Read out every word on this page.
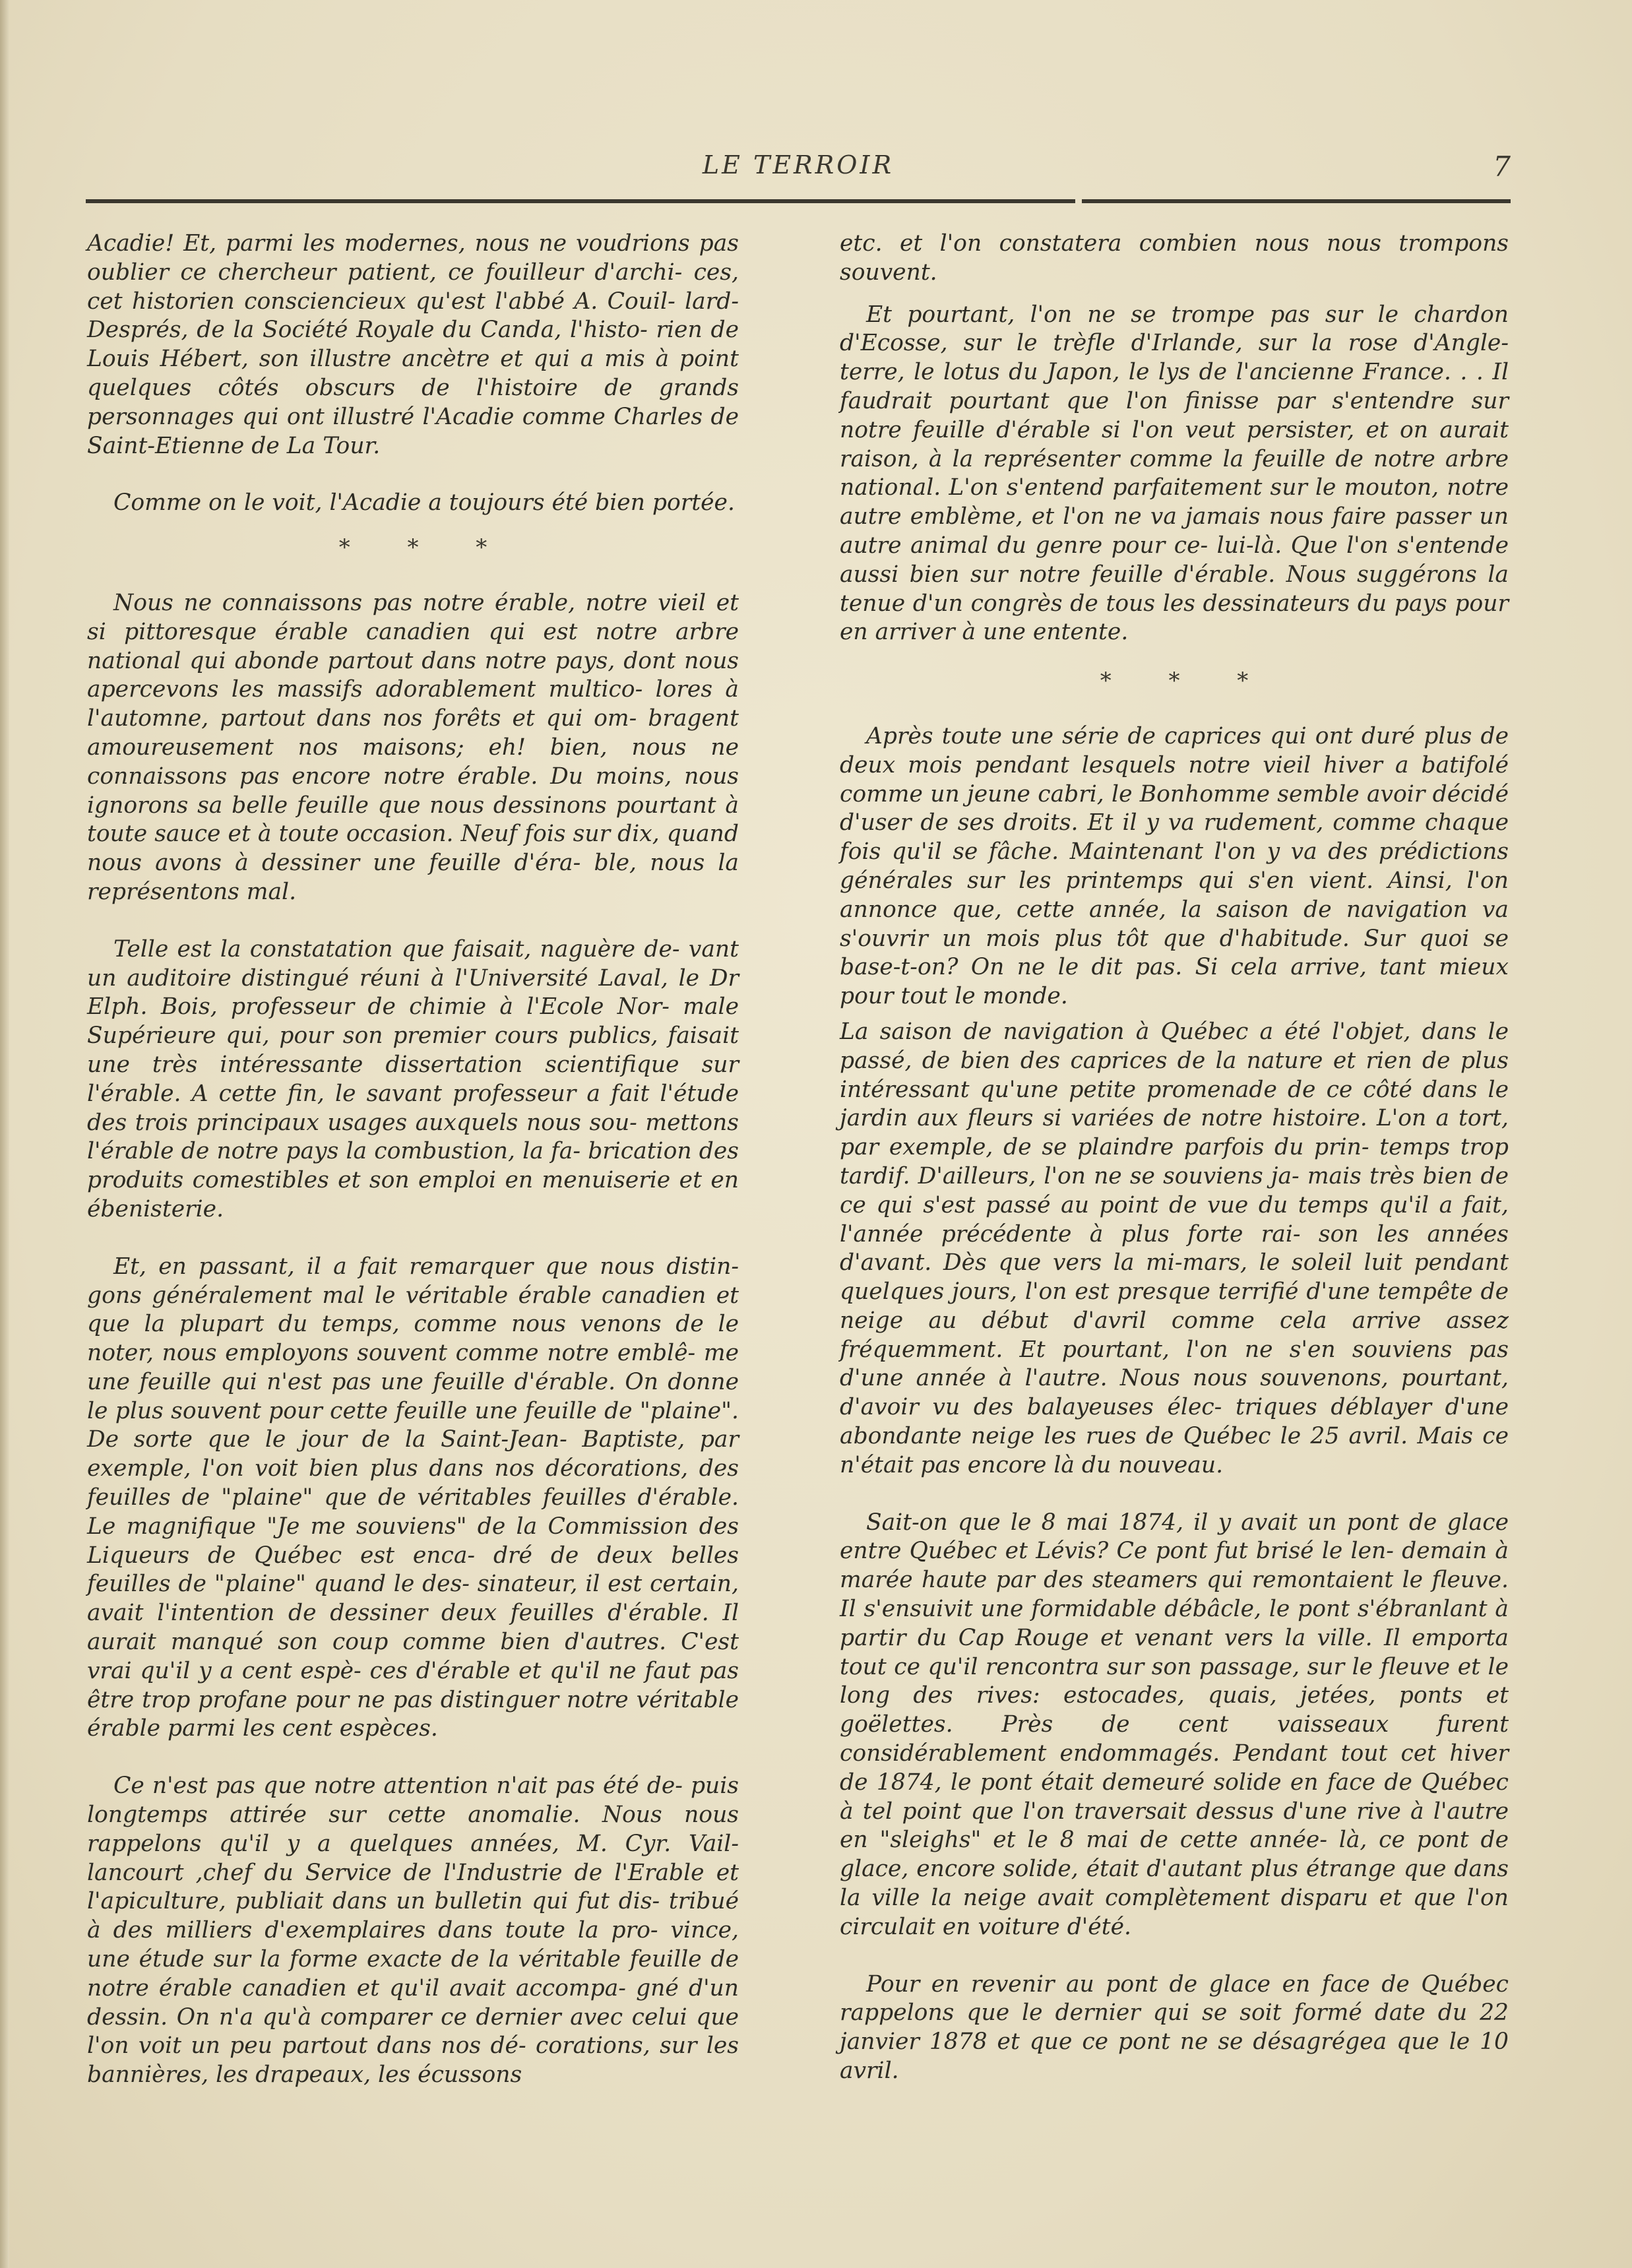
LE TERROIR	7

Acadie! Et, parmi les modernes, nous ne voudrions pas oublier ce chercheur patient, ce fouilleur d'archi- ces, cet historien consciencieux qu'est l'abbé A. Couil- lard-Després, de la Société Royale du Canda, l'histo- rien de Louis Hébert, son illustre ancètre et qui a mis à point quelques côtés obscurs de l'histoire de grands personnages qui ont illustré l'Acadie comme Charles de Saint-Etienne de La Tour.

Comme on le voit, l'Acadie a toujours été bien portée.

* * *

Nous ne connaissons pas notre érable, notre vieil et si pittoresque érable canadien qui est notre arbre national qui abonde partout dans notre pays, dont nous apercevons les massifs adorablement multico- lores à l'automne, partout dans nos forêts et qui om- bragent amoureusement nos maisons; eh! bien, nous ne connaissons pas encore notre érable. Du moins, nous ignorons sa belle feuille que nous dessinons pourtant à toute sauce et à toute occasion. Neuf fois sur dix, quand nous avons à dessiner une feuille d'éra- ble, nous la représentons mal.

Telle est la constatation que faisait, naguère de- vant un auditoire distingué réuni à l'Université Laval, le Dr Elph. Bois, professeur de chimie à l'Ecole Nor- male Supérieure qui, pour son premier cours publics, faisait une très intéressante dissertation scientifique sur l'érable. A cette fin, le savant professeur a fait l'étude des trois principaux usages auxquels nous sou- mettons l'érable de notre pays la combustion, la fa- brication des produits comestibles et son emploi en menuiserie et en ébenisterie.

Et, en passant, il a fait remarquer que nous distin- gons généralement mal le véritable érable canadien et que la plupart du temps, comme nous venons de le noter, nous employons souvent comme notre emblê- me une feuille qui n'est pas une feuille d'érable. On donne le plus souvent pour cette feuille une feuille de "plaine". De sorte que le jour de la Saint-Jean- Baptiste, par exemple, l'on voit bien plus dans nos décorations, des feuilles de "plaine" que de véritables feuilles d'érable. Le magnifique "Je me souviens" de la Commission des Liqueurs de Québec est enca- dré de deux belles feuilles de "plaine" quand le des- sinateur, il est certain, avait l'intention de dessiner deux feuilles d'érable. Il aurait manqué son coup comme bien d'autres. C'est vrai qu'il y a cent espè- ces d'érable et qu'il ne faut pas être trop profane pour ne pas distinguer notre véritable érable parmi les cent espèces.

Ce n'est pas que notre attention n'ait pas été de- puis longtemps attirée sur cette anomalie. Nous nous rappelons qu'il y a quelques années, M. Cyr. Vail- lancourt ,chef du Service de l'Industrie de l'Erable et l'apiculture, publiait dans un bulletin qui fut dis- tribué à des milliers d'exemplaires dans toute la pro- vince, une étude sur la forme exacte de la véritable feuille de notre érable canadien et qu'il avait accompa- gné d'un dessin. On n'a qu'à comparer ce dernier avec celui que l'on voit un peu partout dans nos dé- corations, sur les bannières, les drapeaux, les écussons

etc. et l'on constatera combien nous nous trompons souvent.

Et pourtant, l'on ne se trompe pas sur le chardon d'Ecosse, sur le trèfle d'Irlande, sur la rose d'Angle- terre, le lotus du Japon, le lys de l'ancienne France. . . Il faudrait pourtant que l'on finisse par s'entendre sur notre feuille d'érable si l'on veut persister, et on aurait raison, à la représenter comme la feuille de notre arbre national. L'on s'entend parfaitement sur le mouton, notre autre emblème, et l'on ne va jamais nous faire passer un autre animal du genre pour ce- lui-là. Que l'on s'entende aussi bien sur notre feuille d'érable. Nous suggérons la tenue d'un congrès de tous les dessinateurs du pays pour en arriver à une entente.

* * *

Après toute une série de caprices qui ont duré plus de deux mois pendant lesquels notre vieil hiver a batifolé comme un jeune cabri, le Bonhomme semble avoir décidé d'user de ses droits. Et il y va rudement, comme chaque fois qu'il se fâche. Maintenant l'on y va des prédictions générales sur les printemps qui s'en vient. Ainsi, l'on annonce que, cette année, la saison de navigation va s'ouvrir un mois plus tôt que d'habitude. Sur quoi se base-t-on? On ne le dit pas. Si cela arrive, tant mieux pour tout le monde.

La saison de navigation à Québec a été l'objet, dans le passé, de bien des caprices de la nature et rien de plus intéressant qu'une petite promenade de ce côté dans le jardin aux fleurs si variées de notre histoire. L'on a tort, par exemple, de se plaindre parfois du prin- temps trop tardif. D'ailleurs, l'on ne se souviens ja- mais très bien de ce qui s'est passé au point de vue du temps qu'il a fait, l'année précédente à plus forte rai- son les années d'avant. Dès que vers la mi-mars, le soleil luit pendant quelques jours, l'on est presque terrifié d'une tempête de neige au début d'avril comme cela arrive assez fréquemment. Et pourtant, l'on ne s'en souviens pas d'une année à l'autre. Nous nous souvenons, pourtant, d'avoir vu des balayeuses élec- triques déblayer d'une abondante neige les rues de Québec le 25 avril. Mais ce n'était pas encore là du nouveau.

Sait-on que le 8 mai 1874, il y avait un pont de glace entre Québec et Lévis? Ce pont fut brisé le len- demain à marée haute par des steamers qui remontaient le fleuve. Il s'ensuivit une formidable débâcle, le pont s'ébranlant à partir du Cap Rouge et venant vers la ville. Il emporta tout ce qu'il rencontra sur son passage, sur le fleuve et le long des rives: estocades, quais, jetées, ponts et goëlettes. Près de cent vaisseaux furent considérablement endommagés. Pendant tout cet hiver de 1874, le pont était demeuré solide en face de Québec à tel point que l'on traversait dessus d'une rive à l'autre en "sleighs" et le 8 mai de cette année- là, ce pont de glace, encore solide, était d'autant plus étrange que dans la ville la neige avait complètement disparu et que l'on circulait en voiture d'été.

Pour en revenir au pont de glace en face de Québec rappelons que le dernier qui se soit formé date du 22 janvier 1878 et que ce pont ne se désagrégea que le 10 avril.
